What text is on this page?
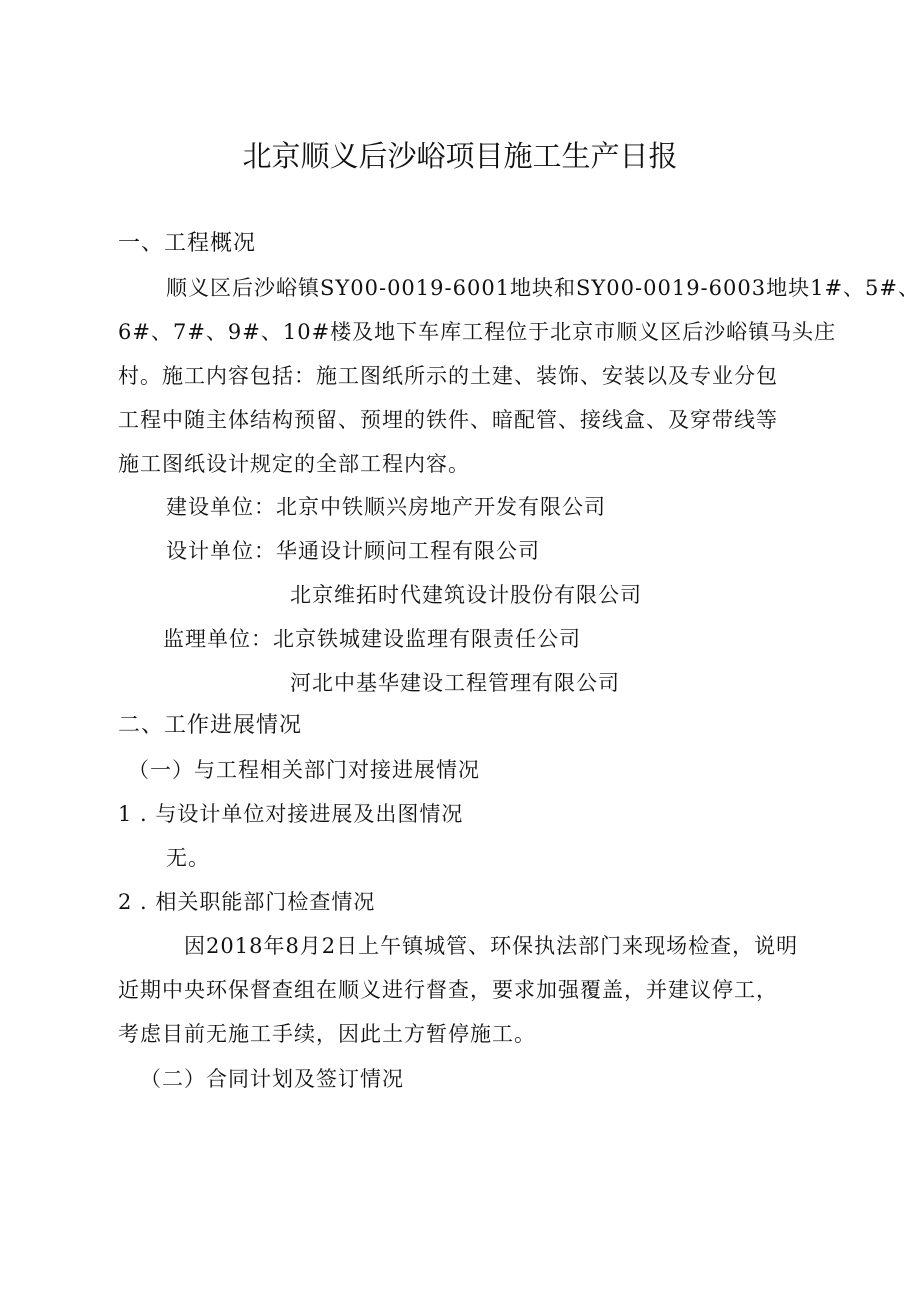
北京顺义后沙峪项目施工生产日报
一、工程概况
顺义区后沙峪镇SY00-0019-6001地块和SY00-0019-6003地块1#、5#、
6#、7#、9#、10#楼及地下车库工程位于北京市顺义区后沙峪镇马头庄
村。施工内容包括：施工图纸所示的土建、装饰、安装以及专业分包
工程中随主体结构预留、预埋的铁件、暗配管、接线盒、及穿带线等
施工图纸设计规定的全部工程内容。
建设单位：北京中铁顺兴房地产开发有限公司
设计单位：华通设计顾问工程有限公司
北京维拓时代建筑设计股份有限公司
监理单位：北京铁城建设监理有限责任公司
河北中基华建设工程管理有限公司
二、工作进展情况
（一）与工程相关部门对接进展情况
1 . 与设计单位对接进展及出图情况
无。
2 . 相关职能部门检查情况
因2018年8月2日上午镇城管、环保执法部门来现场检查，说明
近期中央环保督查组在顺义进行督查，要求加强覆盖，并建议停工，
考虑目前无施工手续，因此土方暂停施工。
（二）合同计划及签订情况
